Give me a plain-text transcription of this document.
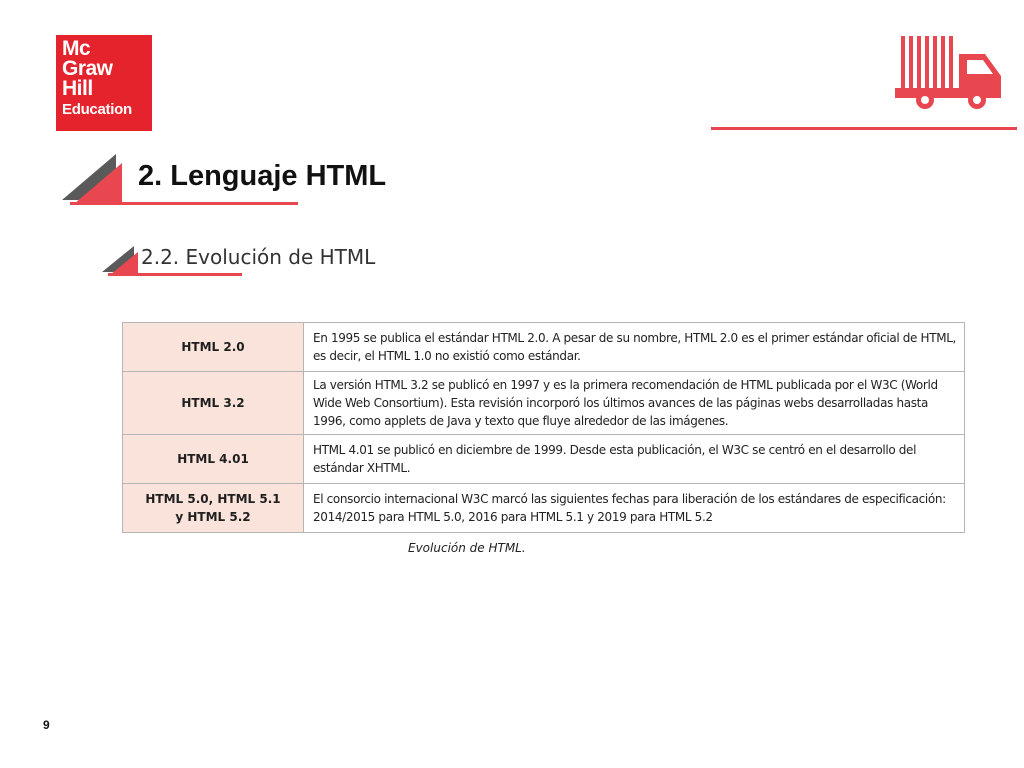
Mc
Graw
Hill
Education
2. Lenguaje HTML
2.2. Evolución de HTML
HTML 2.0	En 1995 se publica el estándar HTML 2.0. A pesar de su nombre, HTML 2.0 es el primer estándar oficial de HTML, es decir, el HTML 1.0 no existió como estándar.
HTML 3.2	La versión HTML 3.2 se publicó en 1997 y es la primera recomendación de HTML publicada por el W3C (World Wide Web Consortium). Esta revisión incorporó los últimos avances de las páginas webs desarrolladas hasta 1996, como applets de Java y texto que fluye alrededor de las imágenes.
HTML 4.01	HTML 4.01 se publicó en diciembre de 1999. Desde esta publicación, el W3C se centró en el desarrollo del estándar XHTML.
HTML 5.0, HTML 5.1
y HTML 5.2	El consorcio internacional W3C marcó las siguientes fechas para liberación de los estándares de especificación: 2014/2015 para HTML 5.0, 2016 para HTML 5.1 y 2019 para HTML 5.2

Evolución de HTML.

9
